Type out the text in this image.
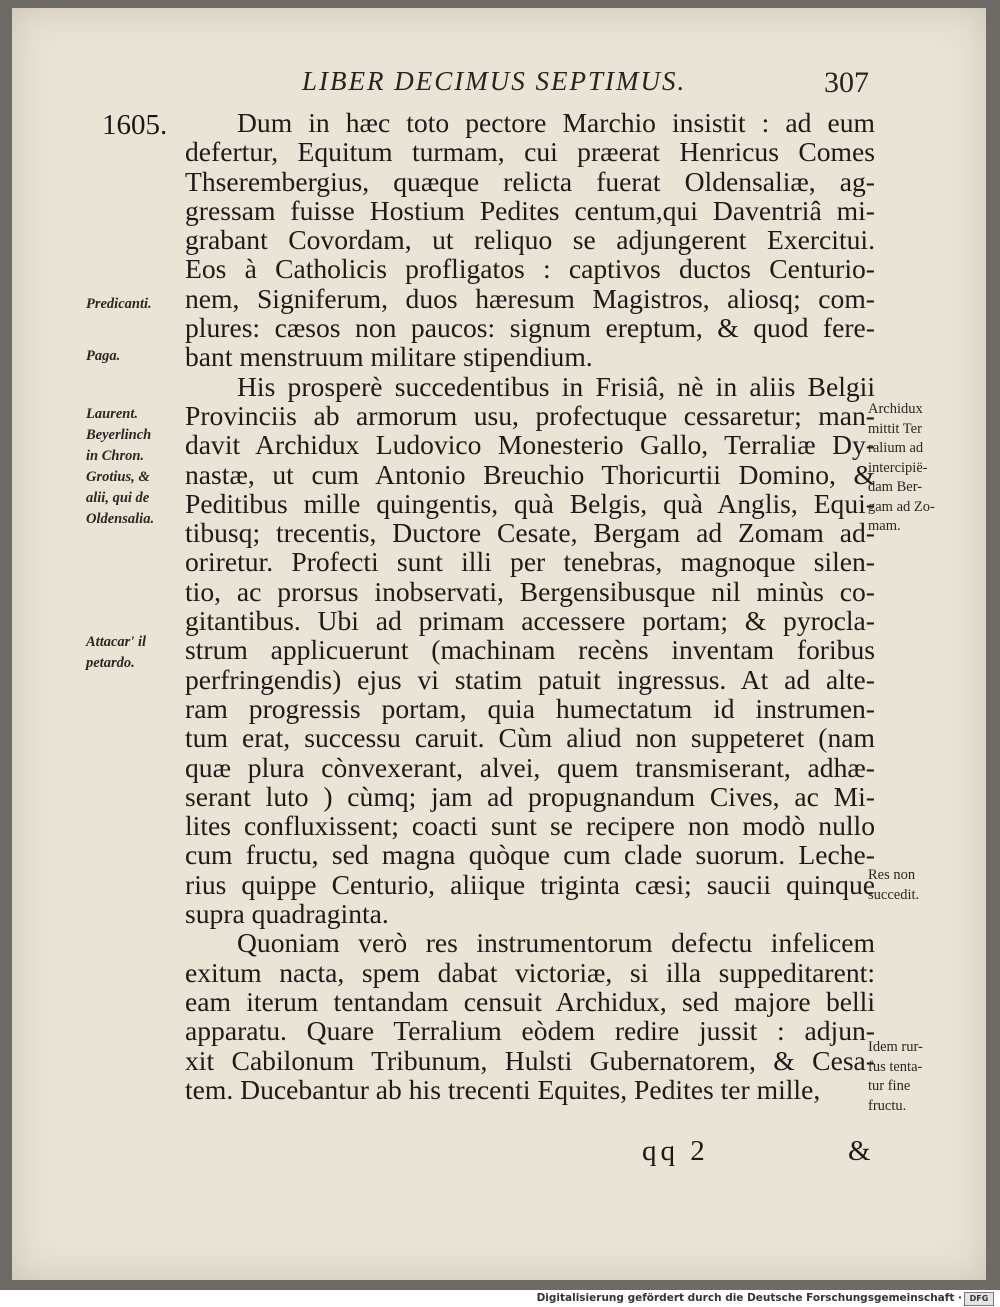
LIBER DECIMUS SEPTIMUS.	307
1605.	Dum in hæc toto pectore Marchio insistit : ad eum
defertur, Equitum turmam, cui præerat Henricus Comes
Thserembergius, quæque relicta fuerat Oldensaliæ, ag-
gressam fuisse Hostium Pedites centum,qui Daventriâ mi-
grabant Covordam, ut reliquo se adjungerent Exercitui.
Eos à Catholicis profligatos : captivos ductos Centurio-
nem, Signiferum, duos hæresum Magistros, aliosq; com-
plures: cæsos non paucos: signum ereptum, & quod fere-
bant menstruum militare stipendium.
His prosperè succedentibus in Frisiâ, nè in aliis Belgii
Provinciis ab armorum usu, profectuque cessaretur; man-
davit Archidux Ludovico Monesterio Gallo, Terraliæ Dy-
nastæ, ut cum Antonio Breuchio Thoricurtii Domino, &
Peditibus mille quingentis, quà Belgis, quà Anglis, Equi-
tibusq; trecentis, Ductore Cesate, Bergam ad Zomam ad-
oriretur. Profecti sunt illi per tenebras, magnoque silen-
tio, ac prorsus inobservati, Bergensibusque nil minùs co-
gitantibus. Ubi ad primam accessere portam; & pyrocla-
strum applicuerunt (machinam recèns inventam foribus
perfringendis) ejus vi statim patuit ingressus. At ad alte-
ram progressis portam, quia humectatum id instrumen-
tum erat, successu caruit. Cùm aliud non suppeteret (nam
quæ plura cònvexerant, alvei, quem transmiserant, adhæ-
serant luto ) cùmq; jam ad propugnandum Cives, ac Mi-
lites confluxissent; coacti sunt se recipere non modò nullo
cum fructu, sed magna quòque cum clade suorum. Leche-
rius quippe Centurio, aliique triginta cæsi; saucii quinque
supra quadraginta.
Quoniam verò res instrumentorum defectu infelicem
exitum nacta, spem dabat victoriæ, si illa suppeditarent:
eam iterum tentandam censuit Archidux, sed majore belli
apparatu. Quare Terralium eòdem redire jussit : adjun-
xit Cabilonum Tribunum, Hulsti Gubernatorem, & Cesa-
tem. Ducebantur ab his trecenti Equites, Pedites ter mille,
Predicanti.
Paga.
Laurent.
Beyerlinch
in Chron.
Grotius, &
alii, qui de
Oldensalia.
Attacar' il
petardo.
Archidux
mittit Ter
ralium ad
intercipië-
dam Ber-
gam ad Zo-
mam.
Res non
succedit.
Idem rur-
fus tenta-
tur fine
fructu.
qq 2	&
Digitalisierung gefördert durch die Deutsche Forschungsgemeinschaft · DFG
